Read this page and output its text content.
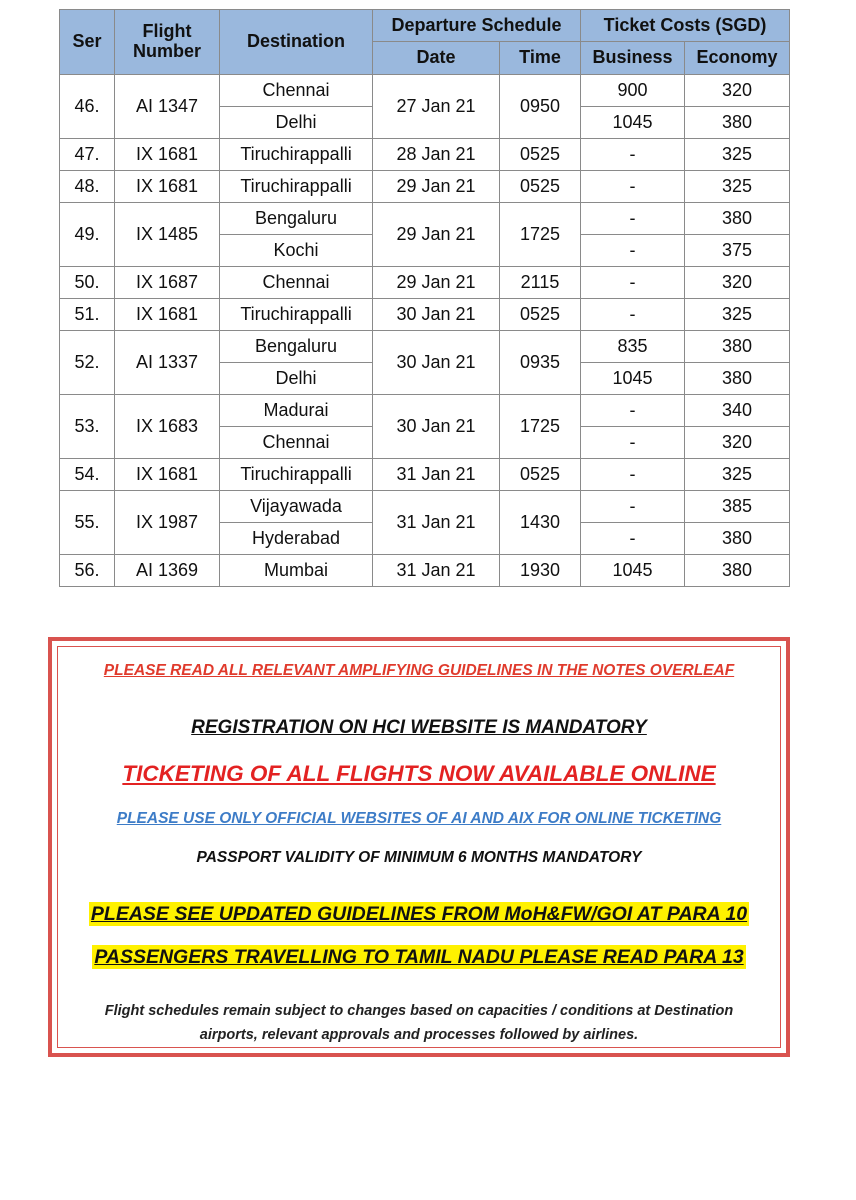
Ser	Flight Number	Destination	Departure Schedule		Ticket Costs (SGD)	
			Date	Time	Business	Economy
46.	AI 1347	Chennai	27 Jan 21	0950	900	320
		Delhi			1045	380
47.	IX 1681	Tiruchirappalli	28 Jan 21	0525	-	325
48.	IX 1681	Tiruchirappalli	29 Jan 21	0525	-	325
49.	IX 1485	Bengaluru	29 Jan 21	1725	-	380
		Kochi			-	375
50.	IX 1687	Chennai	29 Jan 21	2115	-	320
51.	IX 1681	Tiruchirappalli	30 Jan 21	0525	-	325
52.	AI 1337	Bengaluru	30 Jan 21	0935	835	380
		Delhi			1045	380
53.	IX 1683	Madurai	30 Jan 21	1725	-	340
		Chennai			-	320
54.	IX 1681	Tiruchirappalli	31 Jan 21	0525	-	325
55.	IX 1987	Vijayawada	31 Jan 21	1430	-	385
		Hyderabad			-	380
56.	AI 1369	Mumbai	31 Jan 21	1930	1045	380
PLEASE READ ALL RELEVANT AMPLIFYING GUIDELINES IN THE NOTES OVERLEAF
REGISTRATION ON HCI WEBSITE IS MANDATORY
TICKETING OF ALL FLIGHTS NOW AVAILABLE ONLINE
PLEASE USE ONLY OFFICIAL WEBSITES OF AI AND AIX FOR ONLINE TICKETING
PASSPORT VALIDITY OF MINIMUM 6 MONTHS MANDATORY
PLEASE SEE UPDATED GUIDELINES FROM MoH&FW/GOI AT PARA 10
PASSENGERS TRAVELLING TO TAMIL NADU PLEASE READ PARA 13
Flight schedules remain subject to changes based on capacities / conditions at Destination airports, relevant approvals and processes followed by airlines.
